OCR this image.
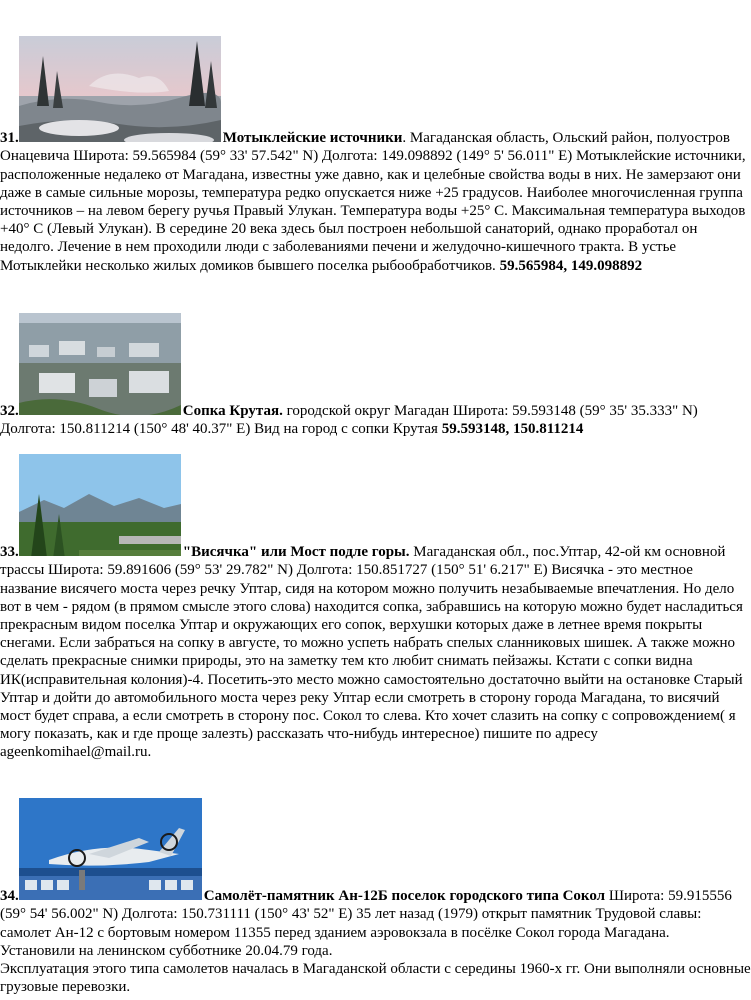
31.	Мотыклейские источники. Магаданская область, Ольский район, полуостров Онацевича Широта: 59.565984 (59° 33' 57.542" N) Долгота: 149.098892 (149° 5' 56.011" E) Мотыклейские источники, расположенные недалеко от Магадана, известны уже давно, как и целебные свойства воды в них. Не замерзают они даже в самые сильные морозы, температура редко опускается ниже +25 градусов. Наиболее многочисленная группа источников – на левом берегу ручья Правый Улукан. Температура воды +25° С. Максимальная температура выходов +40° С (Левый Улукан). В середине 20 века здесь был построен небольшой санаторий, однако проработал он недолго. Лечение в нем проходили люди с заболеваниями печени и желудочно-кишечного тракта. В устье Мотыклейки несколько жилых домиков бывшего поселка рыбообработчиков. 59.565984, 149.098892

32.	Сопка Крутая. городской округ Магадан Широта: 59.593148 (59° 35' 35.333" N) Долгота: 150.811214 (150° 48' 40.37" E) Вид на город с сопки Крутая 59.593148, 150.811214

33.	"Висячка" или Мост подле горы. Магаданская обл., пос.Уптар, 42-ой км основной трассы Широта: 59.891606 (59° 53' 29.782" N) Долгота: 150.851727 (150° 51' 6.217" E) Висячка - это местное название висячего моста через речку Уптар, сидя на котором можно получить незабываемые впечатления. Но дело вот в чем - рядом (в прямом смысле этого слова) находится сопка, забравшись на которую можно будет насладиться прекрасным видом поселка Уптар и окружающих его сопок, верхушки которых даже в летнее время покрыты снегами. Если забраться на сопку в августе, то можно успеть набрать спелых сланниковых шишек. А также можно сделать прекрасные снимки природы, это на заметку тем кто любит снимать пейзажы. Кстати с сопки видна ИК(исправительная колония)-4. Посетить-это место можно самостоятельно достаточно выйти на остановке Старый Уптар и дойти до автомобильного моста через реку Уптар если смотреть в сторону города Магадана, то висячий мост будет справа, а если смотреть в сторону пос. Сокол то слева. Кто хочет слазить на сопку с сопровождением( я могу показать, как и где проще залезть) рассказать что-нибудь интересное) пишите по адресу ageenkomihael@mail.ru.

34.	Самолёт-памятник Ан-12Б поселок городского типа Сокол Широта: 59.915556 (59° 54' 56.002" N) Долгота: 150.731111 (150° 43' 52" E) 35 лет назад (1979) открыт памятник Трудовой славы: самолет Ан-12 с бортовым номером 11355 перед зданием аэровокзала в посёлке Сокол города Магадана.

Установили на ленинском субботнике 20.04.79 года.

Эксплуатация этого типа самолетов началась в Магаданской области с середины 1960-х гг. Они выполняли основные грузовые перевозки.
